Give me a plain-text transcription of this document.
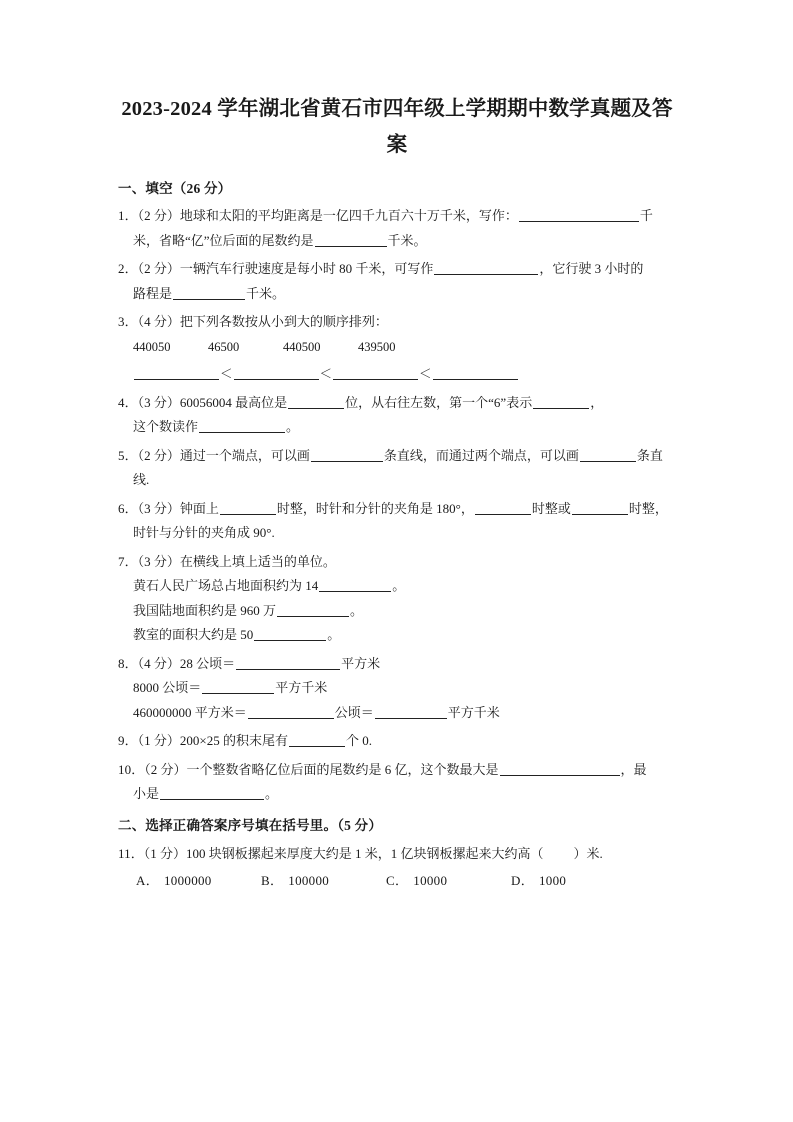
2023-2024 学年湖北省黄石市四年级上学期期中数学真题及答案
一、填空（26 分）
1．（2 分）地球和太阳的平均距离是一亿四千九百六十万千米，写作：	千
米，省略“亿”位后面的尾数约是	千米。
2．（2 分）一辆汽车行驶速度是每小时 80 千米，可写作	，它行驶 3 小时的
路程是	千米。
3．（4 分）把下列各数按从小到大的顺序排列：
440050	46500	440500	439500
＜	＜	＜
4．（3 分）60056004 最高位是	位，从右往左数，第一个“6”表示	，
这个数读作	。
5．（2 分）通过一个端点，可以画	条直线，而通过两个端点，可以画	条直
线.
6．（3 分）钟面上	时整，时针和分针的夹角是 180°，	时整或	时整，
时针与分针的夹角成 90°.
7．（3 分）在横线上填上适当的单位。
黄石人民广场总占地面积约为 14	。
我国陆地面积约是 960 万	。
教室的面积大约是 50	。
8．（4 分）28 公顷＝	平方米
8000 公顷＝	平方千米
460000000 平方米＝	公顷＝	平方千米
9．（1 分）200×25 的积末尾有	个 0.
10．（2 分）一个整数省略亿位后面的尾数约是 6 亿，这个数最大是	，最
小是	。
二、选择正确答案序号填在括号里。（5 分）
11．（1 分）100 块钢板摞起来厚度大约是 1 米，1 亿块钢板摞起来大约高（ ）米.
A． 1000000	B． 100000	C． 10000	D． 1000
